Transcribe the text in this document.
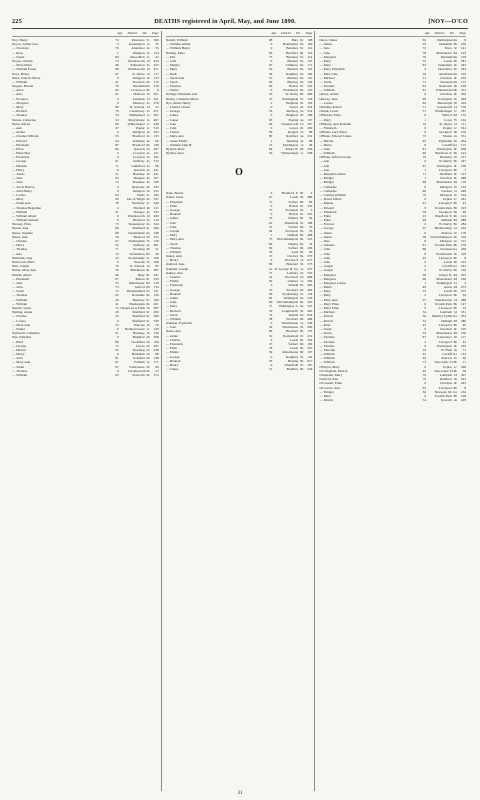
225	DEATHS registered in April, May, and June 1890.	[NOY—O'CO
Age District Vol. Page
Noy, Henry	72	Penzance 5c	166
Noyce, Arthur Geo.	3	Kensington 1a	35
— Charlotte	70	Aldershot 2a	55
— Rose	1	Islington 1b	154
— Susan	84	Shoreditch 1c	32
Noyes, Charles	73	Wandsworth 1d	454
— Mary Ellen	49	Edmonton 3a	253
— William Foster	69	Wandsworth 1d	471
Noys, Henry	67	St. Olave 1d	117
Nuez, Francis Oliver	0	Islington 1b	153
— William	41	Norwich 4b	170
Nugent, Harriet	79	Hexham 10b	316
— Alice	62	Liverpool 8b	9
— Ann	61	Holborn 1b	631
— Florence	3	Lambeth 1d	321
— Margaret	0	Medway 2a	378
— Mary	86	St. Saviour 1d	22
— Richard	79	Canterbury 2a	471
— Thomas	34	Hampstead 1a	467
Nunan, Catherine	34	Marylebone 1a	467
Nunn, Alfred	60	Whitechapel 1c	240
— Ann	47	Poplar 1c	510
— Arthur	0	Islington 1b	263
— Charles William	55	Bradford 2a	135
— Edward	24	Tendring 4a	90
— Elizabeth	87	Bradford 9b	138
— Ellen	66	Ipswich 4a	467
— Ethel May	2	Croydon 2a	131
— Frederick	0	Croydon 2a	162
— George	61	Sudbury 4a	513
— Hannah	71	Guildford 2a	86
— Harry	9	Ipswich 4a	421
— James	21	Hackney 1b	441
— Jane	63	Thingoe 4a	507
— John	72	Bosmere 4a	549
— Jarvis Hylton	0	Depwade 4b	333
— John Henry	0	Islington 1b	222
— Louisa	63	Wells 5c	330
— Mary	29	Isle of Wight 2b	547
— Sarah Ann	38	Newbury 2c	349
— Thomas Benjamin	2	Blofield 4b	211
— William	41	Thingoe 4a	532
— William Albert	0	Wandsworth 1d	400
— William Samuel	0	Hertford 3a	316
Nunney, Eliza	73	Tewkesbury 6a	344
Nunns, Ann	66	Sheffield 9c	266
Nurse, Stephen	68	Cheltenham 6a	248
Nurse, Ann	59	Bedford 3b	152
— Charles	67	Nottingham 7b	179
— Harry	32	Sudbury 4a	361
— Thomas	71	Docking 4b	51
— Ada	13	Wolstanton 6b	40
Nutbeam, Jane	43	Stockbridge 2c	196
Nutbrown, Eliza	0	Newark 7b	268
Nutt, Joseph	70	St. Saviour 1d	85
Nutter, Mary Ann	56	Blackburn 8e	287
Nuttall, Albert	40	Bury 8c	241
— Elizabeth	67	Bolton 8c	355
— Jane	35	Manchester 8d	118
— John	73	Salford 8d	134
— Sarah	75	Huddersfield 9a	311
— Thomas	62	Rochdale 8e	129
— William	20	Barnsley 9c	166
— William	41	Haslingden 8e	201
Nuttell, Sarah	72 Chapel en le Frith 7b	387
Nutting, Annie	26	Sheffield 9c	290
— Charles	33	Sheffield 9c	299
— Louisa	0	Sheffield 9c	339
— Mary Ann	35	Pancras 1b	79
— Walter	0	Bethnal Green 1c	149
Nybloom, Catherine	61	Hackney 1b	316
Nye, Edmund	0	Brighton 2b	208
— Eliza	89	Cuckfield 2b	196
— George	72	Lewes 2b	267
— Harriet	65	Steyning 2b	238
— Henry	0	Hailsham 2b	89
— John	81	Uckfield 2b	148
— Mary Ann	61	Fulham 1a	171
— Sarah	87	Eastbourne 2b	90
— Thomas	0	Crickhowell 11b	33
— William	65	Petworth 2b	374
Age District Vol. Page
Nuttall, William	68	Bury 8c	108
— William Arthur	0	Haslingden 8e	100
— William Henry	0	Barnsley 9c	114
Nutting, Eliza	63	Bradford 9b	116
— Fell	73	Barnsley 9c	114
— John	0	Burnley 8e	147
— Martha	67	Clitheroe 8e	171
— Mary	63	Burnley 8e	145
— Ruth	58	Keighley 9a	160
— Sarah Ann	51	Burnley 8e	147
— Sarah	83	Burnley 8e	140
— Thomas	29	Bolton 8c	322
— Walter	0	Wolstanton 6b	125
Nuttage, Elizabeth Ada	25	W. Derby 8b	269
Nutley, Catherine Maria	47	Nottingham 7b	118
Nye, Albert Henry	0	Brighton 2b	193
— Charles Chater	0	Lewes 2b	254
— George	76	Medway 2a	514
— James	0	Brighton 2b	169
— Jasper	63	Epping 4a	137
— Jane	64	Wandsworth 1d	567
— John	0	Lewes 2b	290
— Joshua	59	Reigate 2a	98
— Mary Ann	80	Romford 4a	232
— Susan Emily	1	Tendring 4a	98
— William John H.	14	Paddington 1a	46
Nyland, Mary	69	King's N. 6d	256
Nymen, Isaac	59	Whitechapel 1c	268
O
Oake, Bessie	0	Bradford, Y. 9b	4
Oakes, Jabez	67	Leeds 9b	489
— Elizabeth	71	Salford 8d	84
— Ellen	0	Bolton 8c	335
— George	75	Stockport 8a	3
— Hannah	0	Bolton 8c	347
— James	70	Dudley 6b	64
— Jane	81	Wakefield 9c	168
— John	51	Salford 8d	76
— Joseph	64	Stockport 8a	25
— Mary	1	Oldham 8d	468
— Mary Ann	75	Wolverhampton 6b	323
— Sarah	80	Dudley 6b	74
— Thomas	82	Salford 8d	106
— William	56	Leek 6b	60
Oakey, Ann	37	Chorley 8e	337
— Henry	0	Woolwich 1d	675
Oakford, Jane	80	Bideford 5b	375
Oakham, Joseph	21 St. George H. Sq. 1a	237
Oakley, Ann	73	Ledbury 6a	353
— Charles	41	Woolwich 1d	699
— Emma	59	Chelsea 1a	281
— Frederick	0	Walsall 6b	463
— George	70	Stratford 6d	482
— Hannah	66	Stourbridge 6c	154
— James	81	Wellington 6a	543
— John	60	Wolverhampton 6b	310
— Mary	71	Wellington, S. 6a	547
— Richard	50	Leighton B. 3b	465
— Sarah	74	Shifnal 6a	634
— William	58	Stratford 6d	484
Oakman, Frederick	0	Westminster 1a	346
— Jane	59	Westbourne 2b	290
Oates, Ann	69	Bradford 9b	153
— Annie	31	Rotherham 9c	431
— Charles	0	Leeds 9b	454
— Elizabeth	27	Salford 8d	190
— Ellen	78	Leeds 9b	437
— Emma	59	Manchester 8d	107
— George	0	Keighley 9a	142
— Hannah	79	Hunslet 9b	617
— Henry	0	Wakefield 9c	167
— James	72	Bramley 9b	526
Age District Vol. Page
Oates, James	62	Darlington 10a	6
— James	26	Ormskirk 8b	470
— Jane	72	Truro 5c	141
— John	78	Manchester 8d	163
— Margaret	70	Durham 10a	219
— Mary	55	Leeds 9b	381
— Mary	63	Wakefield 9c	243
— Mary Elizabeth	2	Dewsbury 9b	363
— Mary Jane	36	Auckland 10a	104
— Michael	51	Chorlton 8c	470
— Sarah	71	Stockton 10a	115
— Thomas	63	Nantwich 8a	166
— William	61	Whitehaven 10b	531
Oatley, Arthur	0	Chorlton 8c	450
Oatway, Jane	90	Torrington 5b	448
— Louisa	62	Barnstaple 5b	419
Obadiah, Robert	71	Greenwich 1d	576
Obank, Lewis	57	Whitechapel 1c	187
O'Bearne, Eliza	0	Salford 8d	155
— Mary	1	Lowe 7b	162
O'Beirne, Ann Kenneth	10	St. Olave 1d	111
— Elizabeth	0	Poplar 1c	561
O'Brian, Lucy Ellen	0	Stockport 8a	150
O'Brien, Edward James	73	Thanet 2a	531
— Harriet	65	Plymouth 5b	264
— Henry	0	Cardiff 11a	175
— John	81	Warrington 8c	208
— William	66	Bradford, Y. 9b	142
O'Brien, Alfred George	19	Hackney 1b	317
— Ann	0	W. Derby 8b	247
— Ann	67	Warrington 8c	190
— Ann	1	Liverpool 8b	7
— Benjamin James	11	Sheffield 9c	313
— Bridget	1	Chorlton 8c	488
— Bridget	68	Manchester 8d	110
— Catherine	0	Islington 1b	134
— Catherine	66	Chelsea 1a	248
— Charles William	70	Islington 1b	164
— David Alfred	0	Poplar 1c	461
— Dennis	61	Liverpool 8b	43
— Edward	0	Toxteth Park 8b	193
— Elizabeth	58	Stockport 8a	60
— Ellen	23	Bradford, Y. 9b	124
— Ellen	48	Oldham 8d	488
— Frances	0	W. Derby 8b	284
— George	25	Bermondsey 1d	192
— James	0	Pancras 1b	178
— James	38	Wolverhampton 6b	316
— Jane	0	Islington 1b	137
— Johanna	61	Toxteth Park 8b	276
— John	68	Swansea 11a	458
— John	0	Portsmouth 2b	316
— John	45	Liverpool 8b	8
— John	0	Leeds 9b	414
— Joseph	5	Cardiff 11a	181
— Joseph	0	W. Derby 8b	310
— Margaret	38	King's N. 6d	303
— Margaret	60	Manchester 8d	160
— Margaret Louisa	1	Paddington 1a	4
— Maria	49	Aston 6d	273
— Mary	55	Leeds 9b	375
— Mary	2	Liverpool 8b	29
— Mary Ann	37	Wandsworth 1d	488
— Mary Ellen	6	Toxteth Park 8b	147
— Mary Ellen	0	Liverpool 8b	32
— Michael	34	Lambeth 1d	331
— Patrick	50	Merthyr Tydfil 11a	533
— Patrick	52	Oldham 8d	480
— Peter	45	Liverpool 8b	40
— Sarah	0	Chorlton 8c	470
— Susan	33	Manchester 8d	160
— Thomas	67	Knaresbro' 9a	117
— Thomas	2	Liverpool 8b	45
— Thomas	0	Warrington 8c	165
— Timothy	54	W. Ham 4a	71
— William	25	Cardiff 11a	143
— William	46	Pancras 1b	60
— William	73	Newcastle T. 10b	17
O'Bryen, Mary	0	Poplar 1c	500
O'Callaghan, Patrick	40	Newcastle T. 10b	56
Ockenden, Mary	79	Lambeth 1d	307
Ockford, Ann	76	Romford 4a	242
O'Connell, Ellen	0	Chorlton 8c	425
O'Connor, Ann	63	Liverpool 8b	8
— Bridget	36	Newport, M. 11a	164
— Mary	0	Toxteth Park 8b	198
— Patrick	54	Ipswich 4a	429
31
